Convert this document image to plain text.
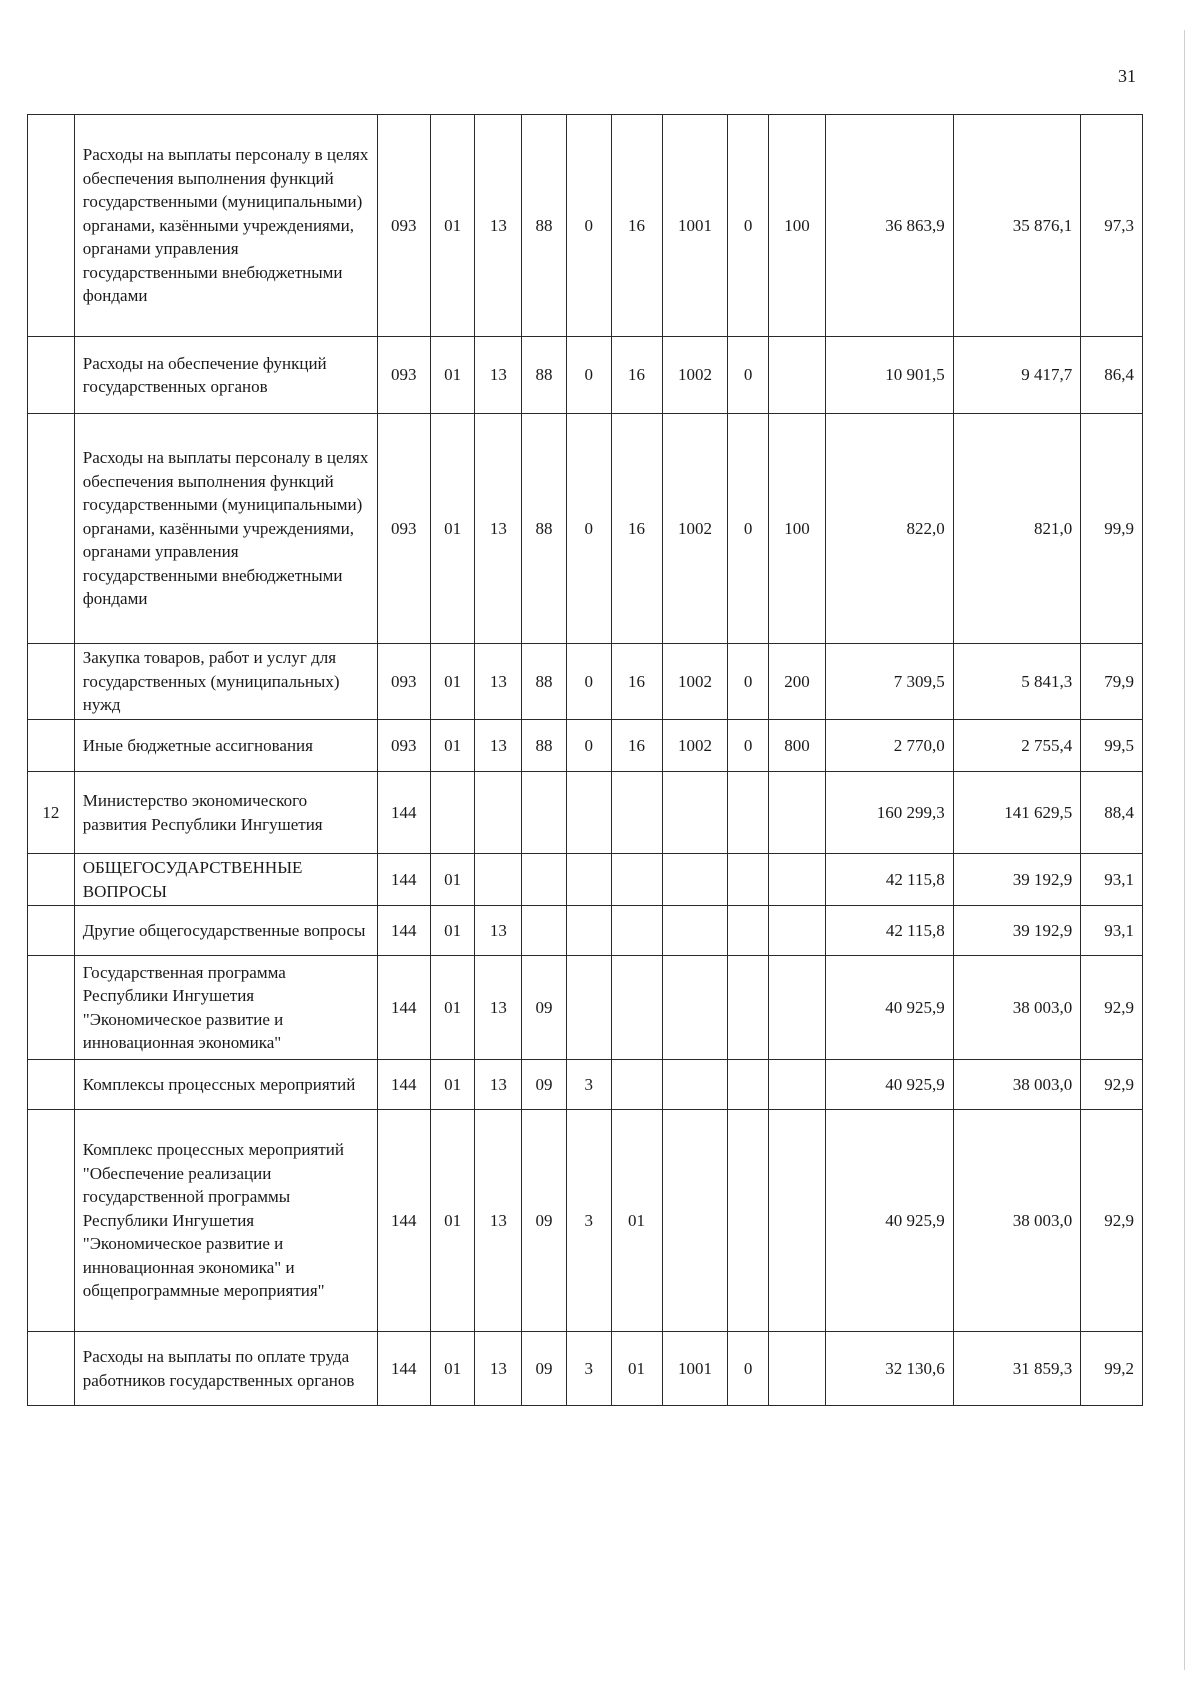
31
	Расходы на выплаты персоналу в целях обеспечения выполнения функций государственными (муниципальными) органами, казёнными учреждениями, органами управления государственными внебюджетными фондами	093	01	13	88	0	16	1001	0	100	36 863,9	35 876,1	97,3
	Расходы на обеспечение функций государственных органов	093	01	13	88	0	16	1002	0		10 901,5	9 417,7	86,4
	Расходы на выплаты персоналу в целях обеспечения выполнения функций государственными (муниципальными) органами, казёнными учреждениями, органами управления государственными внебюджетными фондами	093	01	13	88	0	16	1002	0	100	822,0	821,0	99,9
	Закупка товаров, работ и услуг для государственных (муниципальных) нужд	093	01	13	88	0	16	1002	0	200	7 309,5	5 841,3	79,9
	Иные бюджетные ассигнования	093	01	13	88	0	16	1002	0	800	2 770,0	2 755,4	99,5
12	Министерство экономического развития Республики Ингушетия	144									160 299,3	141 629,5	88,4
	ОБЩЕГОСУДАРСТВЕННЫЕ ВОПРОСЫ	144	01								42 115,8	39 192,9	93,1
	Другие общегосударственные вопросы	144	01	13							42 115,8	39 192,9	93,1
	Государственная программа Республики Ингушетия "Экономическое развитие и инновационная экономика"	144	01	13	09						40 925,9	38 003,0	92,9
	Комплексы процессных мероприятий	144	01	13	09	3					40 925,9	38 003,0	92,9
	Комплекс процессных мероприятий "Обеспечение реализации государственной программы Республики Ингушетия "Экономическое развитие и инновационная экономика" и общепрограммные мероприятия"	144	01	13	09	3	01				40 925,9	38 003,0	92,9
	Расходы на выплаты по оплате труда работников государственных органов	144	01	13	09	3	01	1001	0		32 130,6	31 859,3	99,2
